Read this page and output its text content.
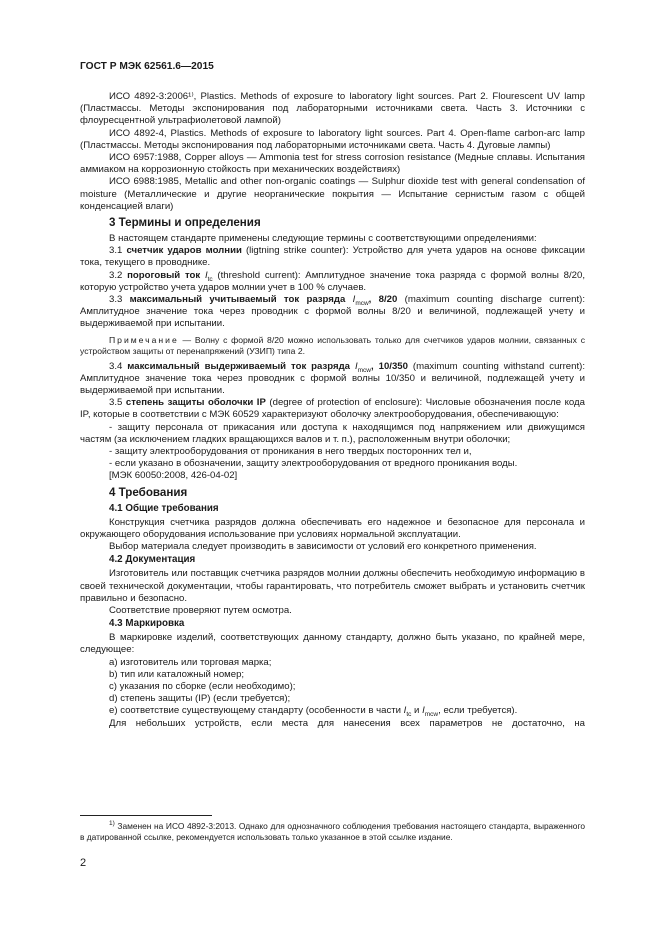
ГОСТ Р МЭК 62561.6—2015

ИСО 4892-3:2006¹⁾, Plastics. Methods of exposure to laboratory light sources. Part 2. Flourescent UV lamp (Пластмассы. Методы экспонирования под лабораторными источниками света. Часть 3. Источники с флоуресцентной ультрафиолетовой лампой)

ИСО 4892-4, Plastics. Methods of exposure to laboratory light sources. Part 4. Open-flame carbon-arc lamp (Пластмассы. Методы экспонирования под лабораторными источниками света. Часть 4. Дуговые лампы)

ИСО 6957:1988, Copper alloys — Ammonia test for stress corrosion resistance (Медные сплавы. Испытания аммиаком на коррозионную стойкость при механических воздействиях)

ИСО 6988:1985, Metallic and other non-organic coatings — Sulphur dioxide test with general condensation of moisture (Металлические и другие неорганические покрытия — Испытание сернистым газом с общей конденсацией влаги)

3 Термины и определения

В настоящем стандарте применены следующие термины с соответствующими определениями:

3.1 счетчик ударов молнии (ligtning strike counter): Устройство для учета ударов на основе фиксации тока, текущего в проводнике.

3.2 пороговый ток $I_{tc}$ (threshold current): Амплитудное значение тока разряда с формой волны 8/20, которую устройство учета ударов молнии учет в 100 % случаев.

3.3 максимальный учитываемый ток разряда $I_{mcw}$, 8/20 (maximum counting discharge current): Амплитудное значение тока через проводник с формой волны 8/20 и величиной, подлежащей учету и выдерживаемой при испытании.

Примечание — Волну с формой 8/20 можно использовать только для счетчиков ударов молнии, связанных с устройством защиты от перенапряжений (УЗИП) типа 2.

3.4 максимальный выдерживаемый ток разряда $I_{mcw}$, 10/350 (maximum counting withstand current): Амплитудное значение тока через проводник с формой волны 10/350 и величиной, подлежащей учету и выдерживаемой при испытании.

3.5 степень защиты оболочки IP (degree of protection of enclosure): Числовые обозначения после кода IP, которые в соответствии с МЭК 60529 характеризуют оболочку электрооборудования, обеспечивающую:

- защиту персонала от прикасания или доступа к находящимся под напряжением или движущимся частям (за исключением гладких вращающихся валов и т. п.), расположенным внутри оболочки;

- защиту электрооборудования от проникания в него твердых посторонних тел и,

- если указано в обозначении, защиту электрооборудования от вредного проникания воды.

[МЭК 60050:2008, 426-04-02]

4 Требования
4.1 Общие требования

Конструкция счетчика разрядов должна обеспечивать его надежное и безопасное для персонала и окружающего оборудования использование при условиях нормальной эксплуатации.

Выбор материала следует производить в зависимости от условий его конкретного применения.

4.2 Документация

Изготовитель или поставщик счетчика разрядов молнии должны обеспечить необходимую информацию в своей технической документации, чтобы гарантировать, что потребитель сможет выбрать и установить счетчик правильно и безопасно.

Соответствие проверяют путем осмотра.

4.3 Маркировка

В маркировке изделий, соответствующих данному стандарту, должно быть указано, по крайней мере, следующее:

а) изготовитель или торговая марка;

b) тип или каталожный номер;

c) указания по сборке (если необходимо);

d) степень защиты (IP) (если требуется);

e) соответствие существующему стандарту (особенности в части $I_{tc}$ и $I_{mcw}$, если требуется).

Для небольших устройств, если места для нанесения всех параметров не достаточно, на

$^{1)}$ Заменен на ИСО 4892-3:2013. Однако для однозначного соблюдения требования настоящего стандарта, выраженного в датированной ссылке, рекомендуется использовать только указанное в этой ссылке издание.

2
